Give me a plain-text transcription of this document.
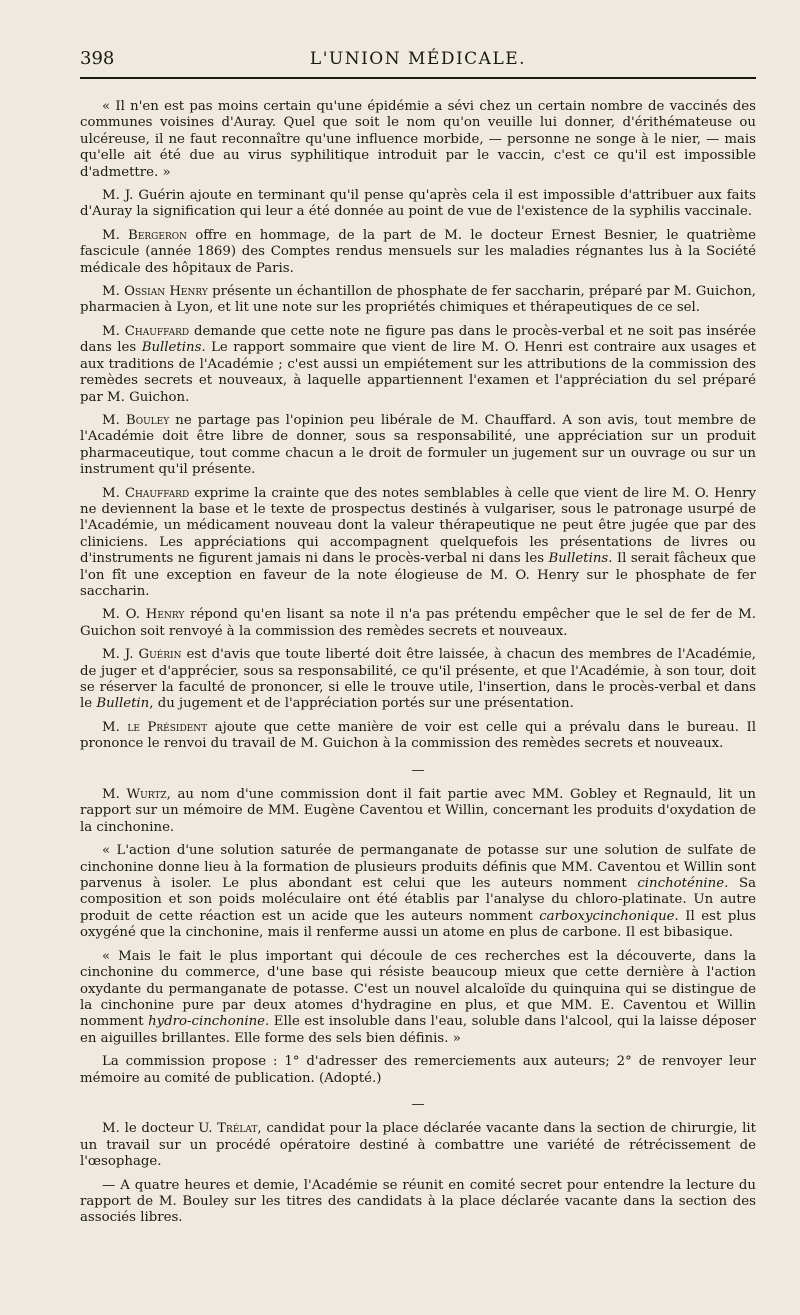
398	L'UNION MÉDICALE.

« Il n'en est pas moins certain qu'une épidémie a sévi chez un certain nombre de vaccinés des communes voisines d'Auray. Quel que soit le nom qu'on veuille lui donner, d'érithémateuse ou ulcéreuse, il ne faut reconnaître qu'une influence morbide, — personne ne songe à le nier, — mais qu'elle ait été due au virus syphilitique introduit par le vaccin, c'est ce qu'il est impossible d'admettre. »

M. J. Guérin ajoute en terminant qu'il pense qu'après cela il est impossible d'attribuer aux faits d'Auray la signification qui leur a été donnée au point de vue de l'existence de la syphilis vaccinale.

M. Bergeron offre en hommage, de la part de M. le docteur Ernest Besnier, le quatrième fascicule (année 1869) des Comptes rendus mensuels sur les maladies régnantes lus à la Société médicale des hôpitaux de Paris.

M. Ossian Henry présente un échantillon de phosphate de fer saccharin, préparé par M. Guichon, pharmacien à Lyon, et lit une note sur les propriétés chimiques et thérapeutiques de ce sel.

M. Chauffard demande que cette note ne figure pas dans le procès-verbal et ne soit pas insérée dans les Bulletins. Le rapport sommaire que vient de lire M. O. Henri est contraire aux usages et aux traditions de l'Académie ; c'est aussi un empiétement sur les attributions de la commission des remèdes secrets et nouveaux, à laquelle appartiennent l'examen et l'appréciation du sel préparé par M. Guichon.

M. Bouley ne partage pas l'opinion peu libérale de M. Chauffard. A son avis, tout membre de l'Académie doit être libre de donner, sous sa responsabilité, une appréciation sur un produit pharmaceutique, tout comme chacun a le droit de formuler un jugement sur un ouvrage ou sur un instrument qu'il présente.

M. Chauffard exprime la crainte que des notes semblables à celle que vient de lire M. O. Henry ne deviennent la base et le texte de prospectus destinés à vulgariser, sous le patronage usurpé de l'Académie, un médicament nouveau dont la valeur thérapeutique ne peut être jugée que par des cliniciens. Les appréciations qui accompagnent quelquefois les présentations de livres ou d'instruments ne figurent jamais ni dans le procès-verbal ni dans les Bulletins. Il serait fâcheux que l'on fît une exception en faveur de la note élogieuse de M. O. Henry sur le phosphate de fer saccharin.

M. O. Henry répond qu'en lisant sa note il n'a pas prétendu empêcher que le sel de fer de M. Guichon soit renvoyé à la commission des remèdes secrets et nouveaux.

M. J. Guérin est d'avis que toute liberté doit être laissée, à chacun des membres de l'Académie, de juger et d'apprécier, sous sa responsabilité, ce qu'il présente, et que l'Académie, à son tour, doit se réserver la faculté de prononcer, si elle le trouve utile, l'insertion, dans le procès-verbal et dans le Bulletin, du jugement et de l'appréciation portés sur une présentation.

M. le Président ajoute que cette manière de voir est celle qui a prévalu dans le bureau. Il prononce le renvoi du travail de M. Guichon à la commission des remèdes secrets et nouveaux.

—

M. Wurtz, au nom d'une commission dont il fait partie avec MM. Gobley et Regnauld, lit un rapport sur un mémoire de MM. Eugène Caventou et Willin, concernant les produits d'oxydation de la cinchonine.

« L'action d'une solution saturée de permanganate de potasse sur une solution de sulfate de cinchonine donne lieu à la formation de plusieurs produits définis que MM. Caventou et Willin sont parvenus à isoler. Le plus abondant est celui que les auteurs nomment cinchoténine. Sa composition et son poids moléculaire ont été établis par l'analyse du chloro-platinate. Un autre produit de cette réaction est un acide que les auteurs nomment carboxycinchonique. Il est plus oxygéné que la cinchonine, mais il renferme aussi un atome en plus de carbone. Il est bibasique.

« Mais le fait le plus important qui découle de ces recherches est la découverte, dans la cinchonine du commerce, d'une base qui résiste beaucoup mieux que cette dernière à l'action oxydante du permanganate de potasse. C'est un nouvel alcaloïde du quinquina qui se distingue de la cinchonine pure par deux atomes d'hydragine en plus, et que MM. E. Caventou et Willin nomment hydro-cinchonine. Elle est insoluble dans l'eau, soluble dans l'alcool, qui la laisse déposer en aiguilles brillantes. Elle forme des sels bien définis. »

La commission propose : 1° d'adresser des remerciements aux auteurs; 2° de renvoyer leur mémoire au comité de publication. (Adopté.)

—

M. le docteur U. Trélat, candidat pour la place déclarée vacante dans la section de chirurgie, lit un travail sur un procédé opératoire destiné à combattre une variété de rétrécissement de l'œsophage.

— A quatre heures et demie, l'Académie se réunit en comité secret pour entendre la lecture du rapport de M. Bouley sur les titres des candidats à la place déclarée vacante dans la section des associés libres.
